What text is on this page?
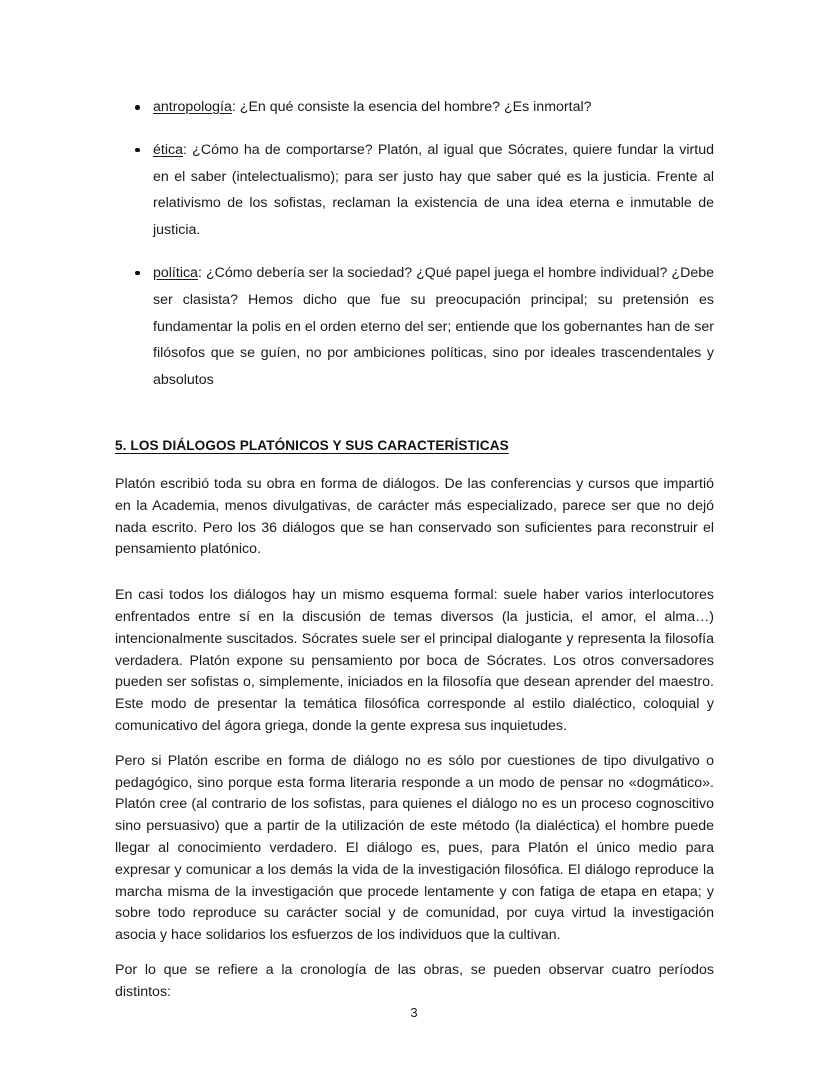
antropología: ¿En qué consiste la esencia del hombre? ¿Es inmortal?
ética: ¿Cómo ha de comportarse? Platón, al igual que Sócrates, quiere fundar la virtud en el saber (intelectualismo); para ser justo hay que saber qué es la justicia. Frente al relativismo de los sofistas, reclaman la existencia de una idea eterna e inmutable de justicia.
política: ¿Cómo debería ser la sociedad? ¿Qué papel juega el hombre individual? ¿Debe ser clasista? Hemos dicho que fue su preocupación principal; su pretensión es fundamentar la polis en el orden eterno del ser; entiende que los gobernantes han de ser filósofos que se guíen, no por ambiciones políticas, sino por ideales trascendentales y absolutos
5. LOS DIÁLOGOS PLATÓNICOS Y SUS CARACTERÍSTICAS

Platón escribió toda su obra en forma de diálogos. De las conferencias y cursos que impartió en la Academia, menos divulgativas, de carácter más especializado, parece ser que no dejó nada escrito. Pero los 36 diálogos que se han conservado son suficientes para reconstruir el pensamiento platónico.

En casi todos los diálogos hay un mismo esquema formal: suele haber varios interlocutores enfrentados entre sí en la discusión de temas diversos (la justicia, el amor, el alma…) intencionalmente suscitados. Sócrates suele ser el principal dialogante y representa la filosofía verdadera. Platón expone su pensamiento por boca de Sócrates. Los otros conversadores pueden ser sofistas o, simplemente, iniciados en la filosofía que desean aprender del maestro. Este modo de presentar la temática filosófica corresponde al estilo dialéctico, coloquial y comunicativo del ágora griega, donde la gente expresa sus inquietudes.

Pero si Platón escribe en forma de diálogo no es sólo por cuestiones de tipo divulgativo o pedagógico, sino porque esta forma literaria responde a un modo de pensar no «dogmático». Platón cree (al contrario de los sofistas, para quienes el diálogo no es un proceso cognoscitivo sino persuasivo) que a partir de la utilización de este método (la dialéctica) el hombre puede llegar al conocimiento verdadero. El diálogo es, pues, para Platón el único medio para expresar y comunicar a los demás la vida de la investigación filosófica. El diálogo reproduce la marcha misma de la investigación que procede lentamente y con fatiga de etapa en etapa; y sobre todo reproduce su carácter social y de comunidad, por cuya virtud la investigación asocia y hace solidarios los esfuerzos de los individuos que la cultivan.

Por lo que se refiere a la cronología de las obras, se pueden observar cuatro períodos distintos:

3
